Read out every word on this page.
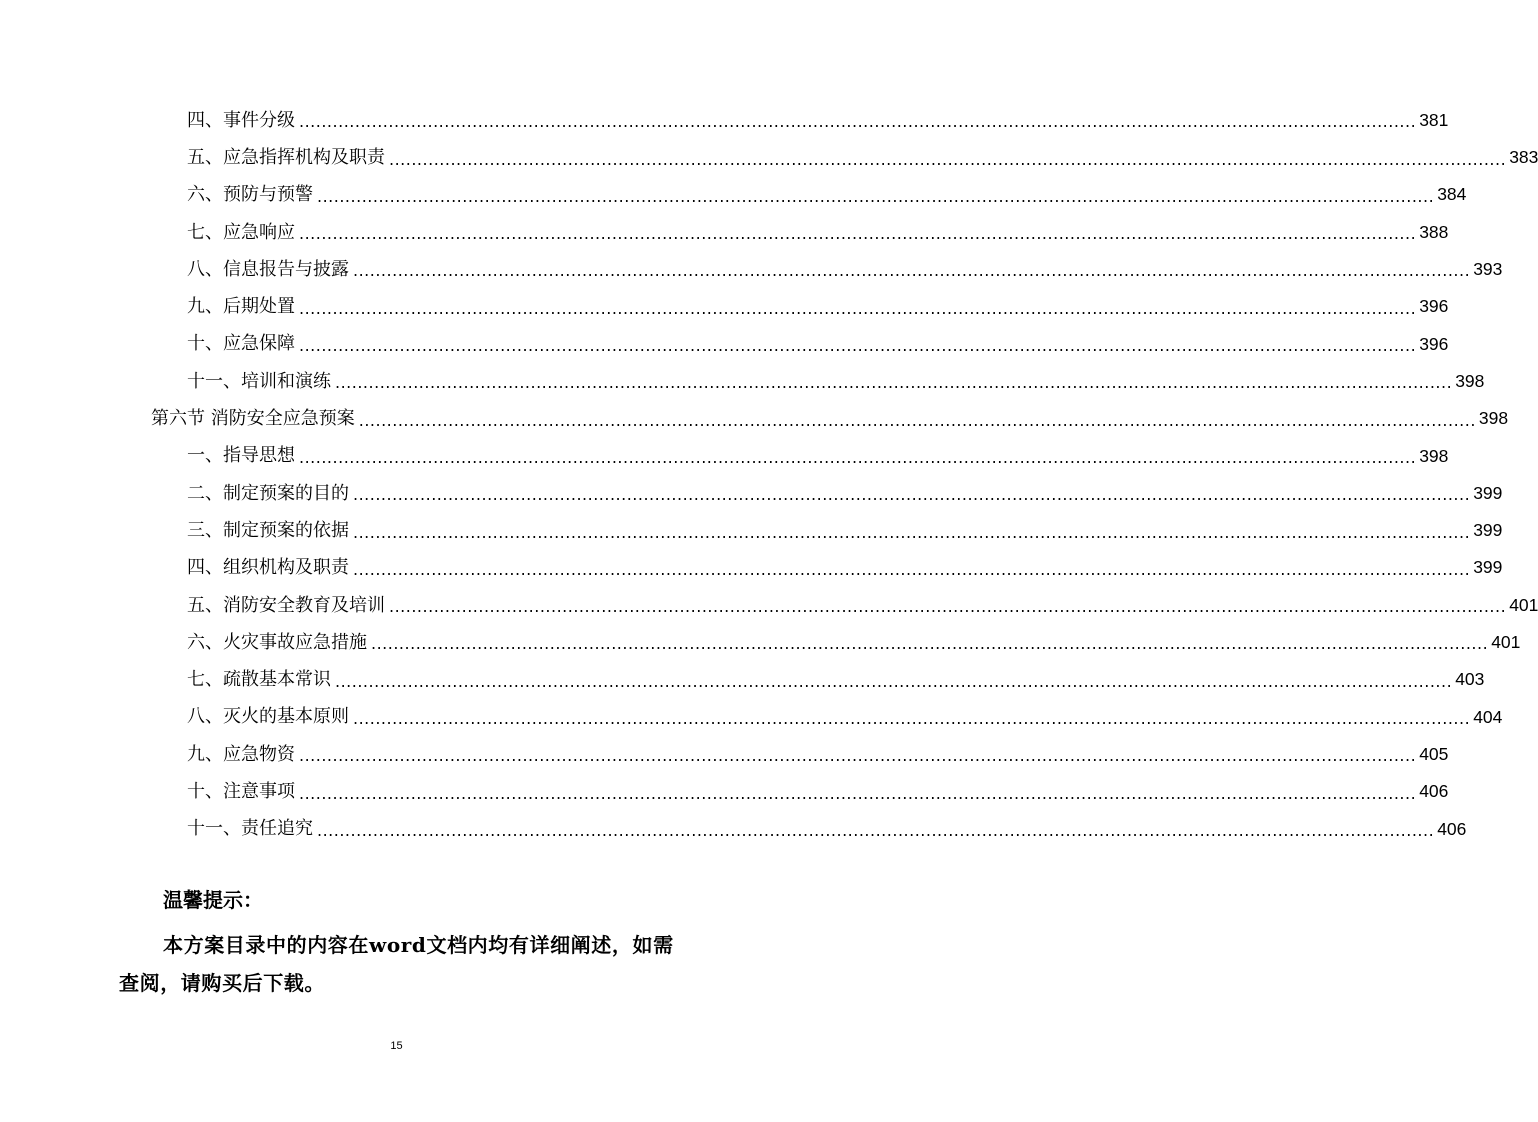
四、事件分级 ........................................................................................................................................................................................................ 381
五、应急指挥机构及职责 ........................................................................................................................................................................................................ 383
六、预防与预警 ........................................................................................................................................................................................................ 384
七、应急响应 ........................................................................................................................................................................................................ 388
八、信息报告与披露 ........................................................................................................................................................................................................ 393
九、后期处置 ........................................................................................................................................................................................................ 396
十、应急保障 ........................................................................................................................................................................................................ 396
十一、培训和演练 ........................................................................................................................................................................................................ 398
第六节 消防安全应急预案 ........................................................................................................................................................................................................ 398
一、指导思想 ........................................................................................................................................................................................................ 398
二、制定预案的目的 ........................................................................................................................................................................................................ 399
三、制定预案的依据 ........................................................................................................................................................................................................ 399
四、组织机构及职责 ........................................................................................................................................................................................................ 399
五、消防安全教育及培训 ........................................................................................................................................................................................................ 401
六、火灾事故应急措施 ........................................................................................................................................................................................................ 401
七、疏散基本常识 ........................................................................................................................................................................................................ 403
八、灭火的基本原则 ........................................................................................................................................................................................................ 404
九、应急物资 ........................................................................................................................................................................................................ 405
十、注意事项 ........................................................................................................................................................................................................ 406
十一、责任追究 ........................................................................................................................................................................................................ 406
温馨提示：
本方案目录中的内容在word文档内均有详细阐述，如需查阅，请购买后下载。
15
